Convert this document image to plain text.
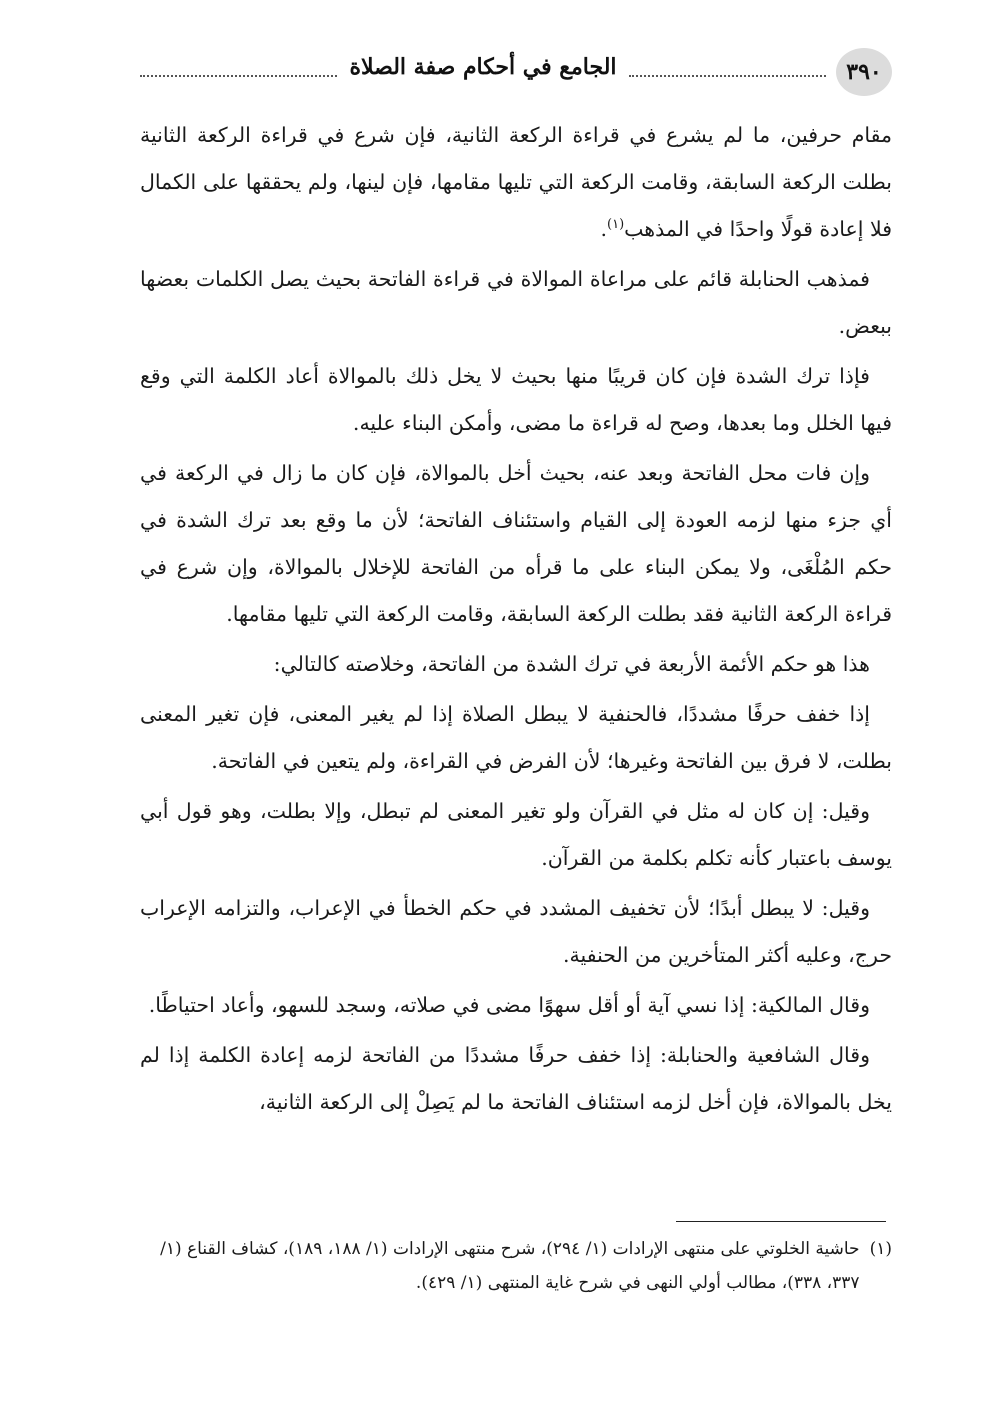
٣٩٠
الجامع في أحكام صفة الصلاة

مقام حرفين، ما لم يشرع في قراءة الركعة الثانية، فإن شرع في قراءة الركعة الثانية بطلت الركعة السابقة، وقامت الركعة التي تليها مقامها، فإن لينها، ولم يحققها على الكمال فلا إعادة قولًا واحدًا في المذهب$^{(١)}$.

فمذهب الحنابلة قائم على مراعاة الموالاة في قراءة الفاتحة بحيث يصل الكلمات بعضها ببعض.

فإذا ترك الشدة فإن كان قريبًا منها بحيث لا يخل ذلك بالموالاة أعاد الكلمة التي وقع فيها الخلل وما بعدها، وصح له قراءة ما مضى، وأمكن البناء عليه.

وإن فات محل الفاتحة وبعد عنه، بحيث أخل بالموالاة، فإن كان ما زال في الركعة في أي جزء منها لزمه العودة إلى القيام واستئناف الفاتحة؛ لأن ما وقع بعد ترك الشدة في حكم المُلْغَى، ولا يمكن البناء على ما قرأه من الفاتحة للإخلال بالموالاة، وإن شرع في قراءة الركعة الثانية فقد بطلت الركعة السابقة، وقامت الركعة التي تليها مقامها.

هذا هو حكم الأئمة الأربعة في ترك الشدة من الفاتحة، وخلاصته كالتالي:

إذا خفف حرفًا مشددًا، فالحنفية لا يبطل الصلاة إذا لم يغير المعنى، فإن تغير المعنى بطلت، لا فرق بين الفاتحة وغيرها؛ لأن الفرض في القراءة، ولم يتعين في الفاتحة.

وقيل: إن كان له مثل في القرآن ولو تغير المعنى لم تبطل، وإلا بطلت، وهو قول أبي يوسف باعتبار كأنه تكلم بكلمة من القرآن.

وقيل: لا يبطل أبدًا؛ لأن تخفيف المشدد في حكم الخطأ في الإعراب، والتزامه الإعراب حرج، وعليه أكثر المتأخرين من الحنفية.

وقال المالكية: إذا نسي آية أو أقل سهوًا مضى في صلاته، وسجد للسهو، وأعاد احتياطًا.

وقال الشافعية والحنابلة: إذا خفف حرفًا مشددًا من الفاتحة لزمه إعادة الكلمة إذا لم يخل بالموالاة، فإن أخل لزمه استئناف الفاتحة ما لم يَصِلْ إلى الركعة الثانية،

(١)
حاشية الخلوتي على منتهى الإرادات (١/ ٢٩٤)، شرح منتهى الإرادات (١/ ١٨٨، ١٨٩)، كشاف القناع (١/ ٣٣٧، ٣٣٨)، مطالب أولي النهى في شرح غاية المنتهى (١/ ٤٢٩).
